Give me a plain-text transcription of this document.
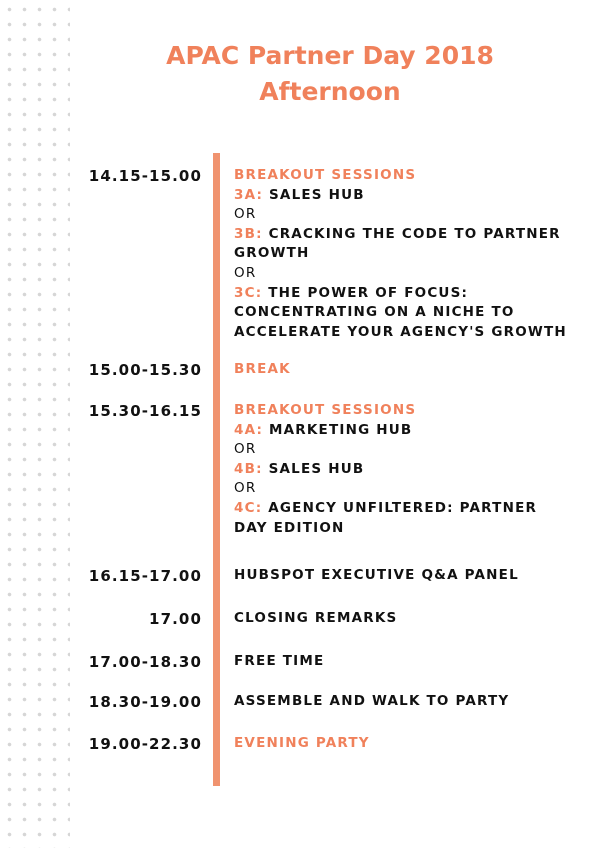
APAC Partner Day 2018
Afternoon
14.15-15.00 BREAKOUT SESSIONS
3A: SALES HUB
OR
3B: CRACKING THE CODE TO PARTNER GROWTH
OR
3C: THE POWER OF FOCUS: CONCENTRATING ON A NICHE TO ACCELERATE YOUR AGENCY'S GROWTH
15.00-15.30 BREAK
15.30-16.15 BREAKOUT SESSIONS
4A: MARKETING HUB
OR
4B: SALES HUB
OR
4C: AGENCY UNFILTERED: PARTNER DAY EDITION
16.15-17.00 HUBSPOT EXECUTIVE Q&A PANEL
17.00 CLOSING REMARKS
17.00-18.30 FREE TIME
18.30-19.00 ASSEMBLE AND WALK TO PARTY
19.00-22.30 EVENING PARTY
